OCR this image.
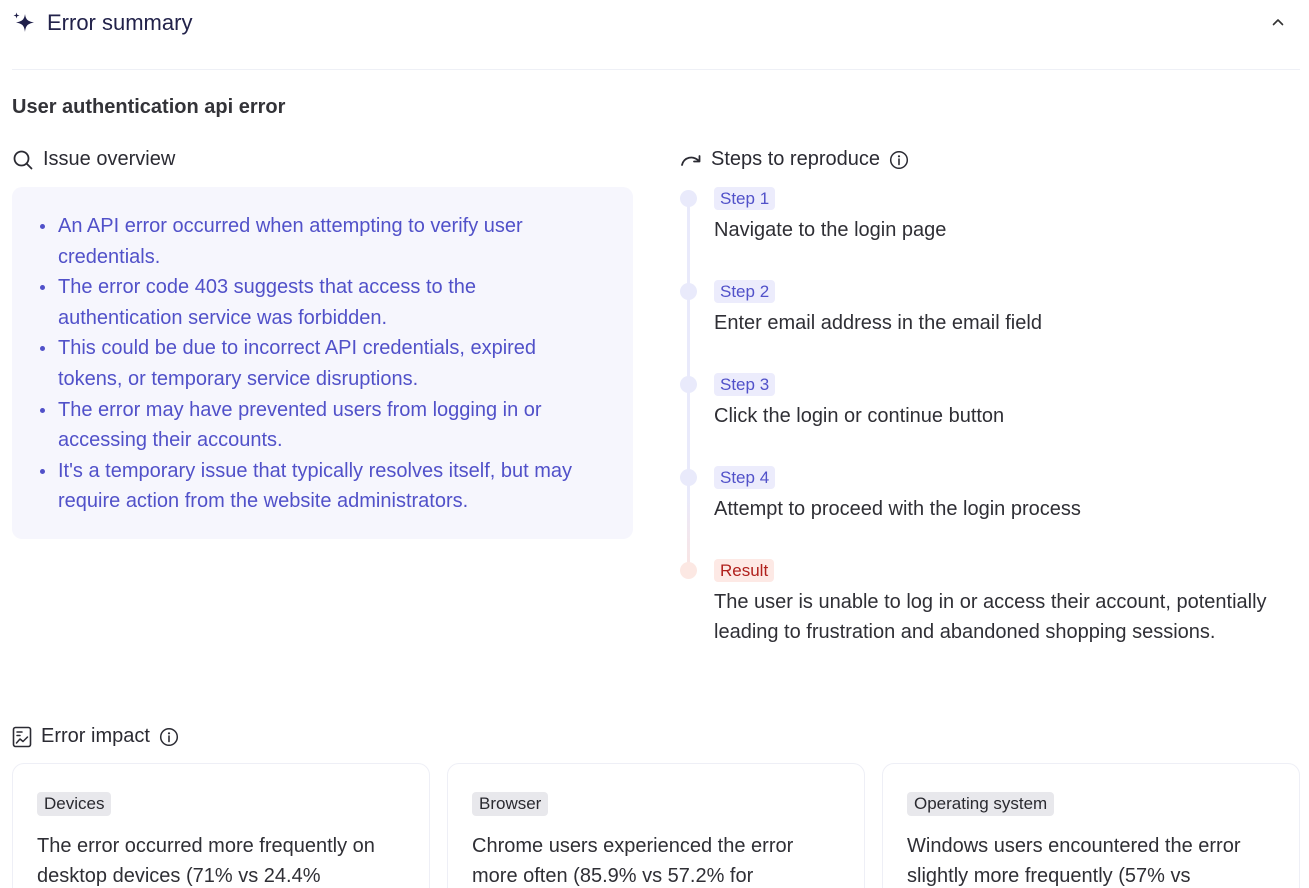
Error summary
User authentication api error
Issue overview
An API error occurred when attempting to verify user credentials.
The error code 403 suggests that access to the authentication service was forbidden.
This could be due to incorrect API credentials, expired tokens, or temporary service disruptions.
The error may have prevented users from logging in or accessing their accounts.
It's a temporary issue that typically resolves itself, but may require action from the website administrators.
Steps to reproduce
Step 1
Navigate to the login page
Step 2
Enter email address in the email field
Step 3
Click the login or continue button
Step 4
Attempt to proceed with the login process
Result
The user is unable to log in or access their account, potentially leading to frustration and abandoned shopping sessions.
Error impact
Devices
The error occurred more frequently on desktop devices (71% vs 24.4%
Browser
Chrome users experienced the error more often (85.9% vs 57.2% for
Operating system
Windows users encountered the error slightly more frequently (57% vs
